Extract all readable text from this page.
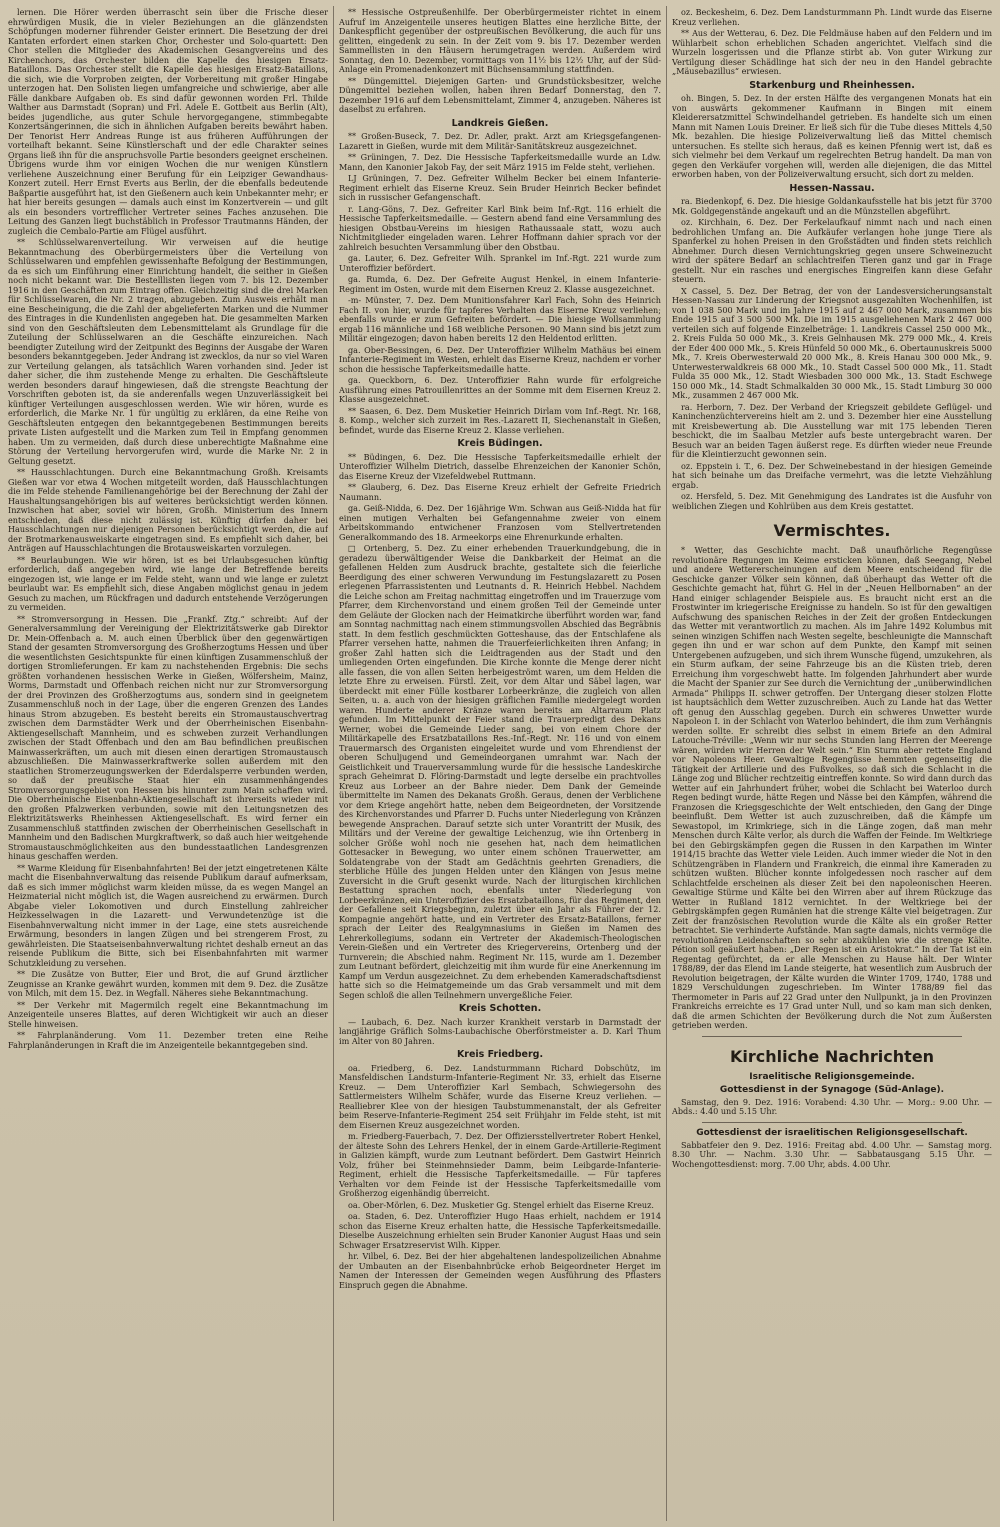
lernen. Die Hörer werden überrascht sein über die Frische dieser ehrwürdigen Musik, die in vieler Beziehungen an die glänzendsten Schöpfungen moderner führender Geister erinnert. Die Besetzung der drei Kantaten erfordert einen starken Chor, Orchester und Solo-quartett: Den Chor stellen die Mitglieder des Akademischen Gesangvereins und des Kirchenchors, das Orchester bilden die Kapelle des hiesigen Ersatz-Bataillons. Das Orchester stellt die Kapelle des hiesigen Ersatz-Bataillons, die sich, wie die Vorproben zeigten, der Vorbereitung mit großer Hingabe unterzogen hat. Den Solisten liegen umfangreiche und schwierige, aber alle Fälle dankbare Aufgaben ob. Es sind dafür gewonnen worden Frl. Thilde Walther aus Darmstadt (Sopran) und Frl. Adele E. Gottbeit aus Berlin (Alt), beides jugendliche, aus guter Schule hervorgegangene, stimmbegabte Konzertsängerinnen, die sich in ähnlichen Aufgaben bereits bewährt haben. Der Tenorist Herr Andreas Runge ist aus früheren Aufführungen der vorteilhaft bekannt. Seine Künstlerschaft und der edle Charakter seines Organs ließ ihn für die anspruchsvolle Partie besonders geeignet erscheinen. Übrigens wurde ihm vor einigen Wochen die nur wenigen Künstlern verliehene Auszeichnung einer Berufung für ein Leipziger Gewandhaus-Konzert zuteil. Herr Ernst Everts aus Berlin, der die ebenfalls bedeutende Baßpartie ausgeführt hat, ist den Gießenern auch kein Unbekannter mehr; er hat hier bereits gesungen — damals auch einst im Konzertverein — und gilt als ein besonders vortrefflicher Vertreter seines Faches anzusehen. Die Leitung des Ganzen liegt buchstäblich in Professor Trautmanns Händen, der zugleich die Cembalo-Partie am Flügel ausführt.

** Schlüsselwarenverteilung. Wir verweisen auf die heutige Bekanntmachung des Oberbürgermeisters über die Verteilung von Schlüsselwaren und empfehlen gewissenhafte Befolgung der Bestimmungen, da es sich um Einführung einer Einrichtung handelt, die seither in Gießen noch nicht bekannt war. Die Bestelllisten liegen vom 7. bis 12. Dezember 1916 in den Geschäften zum Eintrag offen. Gleichzeitig sind die drei Marken für Schlüsselwaren, die Nr. 2 tragen, abzugeben. Zum Ausweis erhält man eine Bescheinigung, die die Zahl der abgelieferten Marken und die Nummer des Eintrages in die Kundenlisten angegeben hat. Die gesammelten Marken sind von den Geschäftsleuten dem Lebensmittelamt als Grundlage für die Zuteilung der Schlüsselwaren an die Geschäfte einzureichen. Nach beendigter Zuteilung wird der Zeitpunkt des Beginns der Ausgabe der Waren besonders bekanntgegeben. Jeder Andrang ist zwecklos, da nur so viel Waren zur Verteilung gelangen, als tatsächlich Waren vorhanden sind. Jeder ist daher sicher, die ihm zustehende Menge zu erhalten. Die Geschäftsleute werden besonders darauf hingewiesen, daß die strengste Beachtung der Vorschriften geboten ist, da sie anderenfalls wegen Unzuverlässigkeit bei künftiger Verteilungen ausgeschlossen werden. Wie wir hören, wurde es erforderlich, die Marke Nr. 1 für ungültig zu erklären, da eine Reihe von Geschäftsleuten entgegen den bekanntgegebenen Bestimmungen bereits private Listen aufgestellt und die Marken zum Teil in Empfang genommen haben. Um zu vermeiden, daß durch diese unberechtigte Maßnahme eine Störung der Verteilung hervorgerufen wird, wurde die Marke Nr. 2 in Geltung gesetzt.

** Hausschlachtungen. Durch eine Bekanntmachung Großh. Kreisamts Gießen war vor etwa 4 Wochen mitgeteilt worden, daß Hausschlachtungen die im Felde stehende Familienangehörige bei der Berechnung der Zahl der Haushaltungsangehörigen bis auf weiteres berücksichtigt werden können. Inzwischen hat aber, soviel wir hören, Großh. Ministerium des Innern entschieden, daß diese nicht zulässig ist. Künftig dürfen daher bei Hausschlachtungen nur diejenigen Personen berücksichtigt werden, die auf der Brotmarkenausweiskarte eingetragen sind. Es empfiehlt sich daher, bei Anträgen auf Hausschlachtungen die Brotausweiskarten vorzulegen.

** Beurlaubungen. Wie wir hören, ist es bei Urlaubsgesuchen künftig erforderlich, daß angegeben wird, wie lange der Betreffende bereits eingezogen ist, wie lange er im Felde steht, wann und wie lange er zuletzt beurlaubt war. Es empfiehlt sich, diese Angaben möglichst genau in jedem Gesuch zu machen, um Rückfragen und dadurch entstehende Verzögerungen zu vermeiden.

** Stromversorgung in Hessen. Die „Frankf. Ztg.“ schreibt: Auf der Generalversammlung der Vereinigung der Elektrizitätswerke gab Direktor Dr. Mein-Offenbach a. M. auch einen Überblick über den gegenwärtigen Stand der gesamten Stromversorgung des Großherzogtums Hessen und über die wesentlichsten Gesichtspunkte für einen künftigen Zusammenschluß der dortigen Stromlieferungen. Er kam zu nachstehenden Ergebnis: Die sechs größten vorhandenen hessischen Werke in Gießen, Wölfersheim, Mainz, Worms, Darmstadt und Offenbach reichen nicht nur zur Stromversorgung der drei Provinzen des Großherzogtums aus, sondern sind in geeignetem Zusammenschluß noch in der Lage, über die engeren Grenzen des Landes hinaus Strom abzugeben. Es besteht bereits ein Stromaustauschvertrag zwischen dem Darmstädter Werk und der Oberrheinischen Eisenbahn-Aktiengesellschaft Mannheim, und es schweben zurzeit Verhandlungen zwischen der Stadt Offenbach und den am Bau befindlichen preußischen Mainwasserkräften, um auch mit diesen einen derartigen Stromaustausch abzuschließen. Die Mainwasserkraftwerke sollen außerdem mit den staatlichen Stromerzeugungswerken der Ederdalsperre verbunden werden, so daß der preußische Staat hier ein zusammenhängendes Stromversorgungsgebiet von Hessen bis hinunter zum Main schaffen wird. Die Oberrheinische Eisenbahn-Aktiengesellschaft ist ihrerseits wieder mit den großen Pfalzwerken verbunden, sowie mit den Leitungsnetzen des Elektrizitätswerks Rheinhessen Aktiengesellschaft. Es wird ferner ein Zusammenschluß stattfinden zwischen der Oberrheinischen Gesellschaft in Mannheim und den Badischen Murgkraftwerk, so daß auch hier weitgehende Stromaustauschmöglichkeiten aus den bundesstaatlichen Landesgrenzen hinaus geschaffen werden.

** Warme Kleidung für Eisenbahnfahrten! Bei der jetzt eingetretenen Kälte macht die Eisenbahnverwaltung das reisende Publikum darauf aufmerksam, daß es sich immer möglichst warm kleiden müsse, da es wegen Mangel an Heizmaterial nicht möglich ist, die Wagen ausreichend zu erwärmen. Durch Abgabe vieler Lokomotiven und durch Einstellung zahlreicher Heizkesselwagen in die Lazarett- und Verwundetenzüge ist die Eisenbahnverwaltung nicht immer in der Lage, eine stets ausreichende Erwärmung, besonders in langen Zügen und bei strengerem Frost, zu gewährleisten. Die Staatseisenbahnverwaltung richtet deshalb erneut an das reisende Publikum die Bitte, sich bei Eisenbahnfahrten mit warmer Schutzkleidung zu versehen.

** Die Zusätze von Butter, Eier und Brot, die auf Grund ärztlicher Zeugnisse an Kranke gewährt wurden, kommen mit dem 9. Dez. die Zusätze von Milch, mit dem 15. Dez. in Wegfall. Näheres siehe Bekanntmachung.

** Der Verkehr mit Magermilch regelt eine Bekanntmachung im Anzeigenteile unseres Blattes, auf deren Wichtigkeit wir auch an dieser Stelle hinweisen.

** Fahrplanänderung. Vom 11. Dezember treten eine Reihe Fahrplanänderungen in Kraft die im Anzeigenteile bekanntgegeben sind.

** Hessische Ostpreußenhilfe. Der Oberbürgermeister richtet in einem Aufruf im Anzeigenteile unseres heutigen Blattes eine herzliche Bitte, der Dankespflicht gegenüber der ostpreußischen Bevölkerung, die auch für uns gelitten, eingedenk zu sein. In der Zeit vom 9. bis 17. Dezember werden Sammellisten in den Häusern herumgetragen werden. Außerdem wird Sonntag, den 10. Dezember, vormittags von 11½ bis 12½ Uhr, auf der Süd-Anlage ein Promenadenkonzert mit Büchsensammlung stattfinden.

** Düngemittel. Diejenigen Garten- und Grundstücksbesitzer, welche Düngemittel beziehen wollen, haben ihren Bedarf Donnerstag, den 7. Dezember 1916 auf dem Lebensmittelamt, Zimmer 4, anzugeben. Näheres ist daselbst zu erfahren.

Landkreis Gießen.

** Großen-Buseck, 7. Dez. Dr. Adler, prakt. Arzt am Kriegsgefangenen-Lazarett in Gießen, wurde mit dem Militär-Sanitätskreuz ausgezeichnet.

** Grüningen, 7. Dez. Die Hessische Tapferkeitsmedaille wurde an Ldw. Mann, den Kanonier Jakob Fay, der seit März 1915 im Felde steht, verliehen.

LJ Grüningen, 7. Dez. Gefreiter Wilhelm Becker bei einem Infanterie-Regiment erhielt das Eiserne Kreuz. Sein Bruder Heinrich Becker befindet sich in russischer Gefangenschaft.

r. Lang-Göns, 7. Dez. Gefreiter Karl Bink beim Inf.-Rgt. 116 erhielt die Hessische Tapferkeitsmedaille. — Gestern abend fand eine Versammlung des hiesigen Obstbau-Vereins im hiesigen Rathaussaale statt, wozu auch Nichtmitglieder eingeladen waren. Lehrer Hoffmann dahier sprach vor der zahlreich besuchten Versammlung über den Obstbau.

ga. Lauter, 6. Dez. Gefreiter Wilh. Sprankel im Inf.-Rgt. 221 wurde zum Unteroffizier befördert.

ga. Rumda, 6. Dez. Der Gefreite August Henkel, in einem Infanterie-Regiment im Osten, wurde mit dem Eisernen Kreuz 2. Klasse ausgezeichnet.

-m- Münster, 7. Dez. Dem Munitionsfahrer Karl Fach, Sohn des Heinrich Fach II. von hier, wurde für tapferes Verhalten das Eiserne Kreuz verliehen; ebenfalls wurde er zum Gefreiten befördert. — Die hiesige Wollsammlung ergab 116 männliche und 168 weibliche Personen. 90 Mann sind bis jetzt zum Militär eingezogen; davon haben bereits 12 den Heldentod erlitten.

ga. Ober-Bessingen, 6. Dez. Der Unteroffizier Wilhelm Mathäus bei einem Infanterie-Regiment im Westen, erhielt das Eiserne Kreuz, nachdem er vorher schon die hessische Tapferkeitsmedaille hatte.

ga. Queckborn, 6. Dez. Unteroffizier Rahn wurde für erfolgreiche Ausführung eines Patrouillenrittes an der Somme mit dem Eisernen Kreuz 2. Klasse ausgezeichnet.

** Saasen, 6. Dez. Dem Musketier Heinrich Dirlam vom Inf.-Regt. Nr. 168, 8. Komp., welcher sich zurzeit im Res.-Lazarett II, Siechenanstalt in Gießen, befindet, wurde das Eiserne Kreuz 2. Klasse verliehen.

Kreis Büdingen.

** Büdingen, 6. Dez. Die Hessische Tapferkeitsmedaille erhielt der Unteroffizier Wilhelm Dietrich, dasselbe Ehrenzeichen der Kanonier Schön, das Eiserne Kreuz der Vizefeldwebel Ruttmann.

** Glauberg, 6. Dez. Das Eiserne Kreuz erhielt der Gefreite Friedrich Naumann.

ga. Geiß-Nidda, 6. Dez. Der 16jährige Wm. Schwan aus Geiß-Nidda hat für einen mutigen Verhalten bei Gefangennahme zweier von einem Arbeitskommando entwichener Franzosen vom Stellvertretenden Generalkommando des 18. Armeekorps eine Ehrenurkunde erhalten.

□ Ortenberg, 5. Dez. Zu einer erhebenden Trauerkundgebung, die in geradezu überwältigender Weise die Dankbarkeit der Heimat an die gefallenen Helden zum Ausdruck brachte, gestaltete sich die feierliche Beerdigung des einer schweren Verwundung im Festungslazarett zu Posen erlegenen Pfarrassistenten und Leutnants d. R. Heinrich Hebbel. Nachdem die Leiche schon am Freitag nachmittag eingetroffen und im Trauerzuge vom Pfarrer, dem Kirchenvorstand und einem großen Teil der Gemeinde unter dem Geläute der Glocken nach der Heimatkirche überführt worden war, fand am Sonntag nachmittag nach einem stimmungsvollen Abschied das Begräbnis statt. In dem festlich geschmückten Gotteshause, das der Entschlafene als Pfarrer versehen hatte, nahmen die Trauerfeierlichkeiten ihren Anfang; in großer Zahl hatten sich die Leidtragenden aus der Stadt und den umliegenden Orten eingefunden. Die Kirche konnte die Menge derer nicht alle fassen, die von allen Seiten herbeigeströmt waren, um dem Helden die letzte Ehre zu erweisen. Fürstl. Zeit, vor dem Altar und Säbel lagen, war überdeckt mit einer Fülle kostbarer Lorbeerkränze, die zugleich von allen Seiten, u. a. auch von der hiesigen gräflichen Familie niedergelegt worden waren. Hunderte anderer Kränze waren bereits am Altarraum Platz gefunden. Im Mittelpunkt der Feier stand die Trauerpredigt des Dekans Werner, wobei die Gemeinde Lieder sang, bei von einem Chore der Militärkapelle des Ersatzbataillons Res.-Inf.-Regt. Nr. 116 und von einem Trauermarsch des Organisten eingeleitet wurde und vom Ehrendienst der oberen Schuljugend und Gemeindeorganen umrahmt war. Nach der Geistlichkeit und Trauerversammlung wurde für die hessische Landeskirche sprach Geheimrat D. Flöring-Darmstadt und legte derselbe ein prachtvolles Kreuz aus Lorbeer an der Bahre nieder. Dem Dank der Gemeinde übermittelte im Namen des Dekanats Großh. Geraus, denen der Verblichene vor dem Kriege angehört hatte, neben dem Beigeordneten, der Vorsitzende des Kirchenvorstandes und Pfarrer D. Fuchs unter Niederlegung von Kränzen bewegende Ansprachen. Darauf setzte sich unter Vorantritt der Musik, des Militärs und der Vereine der gewaltige Leichenzug, wie ihn Ortenberg in solcher Größe wohl noch nie gesehen hat, nach dem heimatlichen Gottesacker in Bewegung, wo unter einem schönen Trauerwetter, am Soldatengrabe von der Stadt am Gedächtnis geehrten Grenadiers, die sterbliche Hülle des jungen Helden unter den Klängen von Jesus meine Zuversicht in die Gruft gesenkt wurde. Nach der liturgischen kirchlichen Bestattung sprachen noch, ebenfalls unter Niederlegung von Lorbeerkränzen, ein Unteroffizier des Ersatzbataillons, für das Regiment, den der Gefallene seit Kriegsbeginn, zuletzt über ein Jahr als Führer der 12. Kompagnie angehört hatte, und ein Vertreter des Ersatz-Bataillons, ferner sprach der Leiter des Realgymnasiums in Gießen im Namen des Lehrerkollegiums, sodann ein Vertreter der Akademisch-Theologischen Verein-Gießen und ein Vertreter des Kriegervereins, Ortenberg und der Turnverein; die Abschied nahm. Regiment Nr. 115, wurde am 1. Dezember zum Leutnant befördert, gleichzeitig mit ihm wurde für eine Anerkennung im Kampf um Verdun ausgezeichnet. Zu dem erhebenden Kameradschaftsdienst hatte sich so die Heimatgemeinde um das Grab versammelt und mit dem Segen schloß die allen Teilnehmern unvergeßliche Feier.

Kreis Schotten.

— Laubach, 6. Dez. Nach kurzer Krankheit verstarb in Darmstadt der langjährige Gräflich Solms-Laubachische Oberförstmeister a. D. Karl Thum im Alter von 80 Jahren.

Kreis Friedberg.

oa. Friedberg, 6. Dez. Landsturmmann Richard Dobschütz, im Mansfeldischen Landsturm-Infanterie-Regiment Nr. 33, erhielt das Eiserne Kreuz. — Dem Unteroffizier Karl Sembach, Schwiegersohn des Sattlermeisters Wilhelm Schäfer, wurde das Eiserne Kreuz verliehen. — Realliebrer Klee von der hiesigen Taubstummenanstalt, der als Gefreiter beim Reserve-Infanterie-Regiment 254 seit Frühjahr im Felde steht, ist mit dem Eisernen Kreuz ausgezeichnet worden.

m. Friedberg-Fauerbach, 7. Dez. Der Offiziersstellvertreter Robert Henkel, der älteste Sohn des Lehrers Henkel, der in einem Garde-Artillerie-Regiment in Galizien kämpft, wurde zum Leutnant befördert. Dem Gastwirt Heinrich Volz, früher bei Steinmehnsieder Damm, beim Leibgarde-Infanterie-Regiment, erhielt die Hessische Tapferkeitsmedaille. — Für tapferes Verhalten vor dem Feinde ist der Hessische Tapferkeitsmedaille vom Großherzog eigenhändig überreicht.

oa. Ober-Mörlen, 6. Dez. Musketier Gg. Stengel erhielt das Eiserne Kreuz.

oa. Staden, 6. Dez. Unteroffizier Hugo Haas erhielt, nachdem er 1914 schon das Eiserne Kreuz erhalten hatte, die Hessische Tapferkeitsmedaille. Dieselbe Auszeichnung erhielten sein Bruder Kanonier August Haas und sein Schwager Ersatzreservist Wilh. Kipper.

hr. Vilbel, 6. Dez. Bei der hier abgehaltenen landespolizeilichen Abnahme der Umbauten an der Eisenbahnbrücke erhob Beigeordneter Herget im Namen der Interessen der Gemeinden wegen Ausführung des Pflasters Einspruch gegen die Abnahme.

oz. Beckesheim, 6. Dez. Dem Landsturmmann Ph. Lindt wurde das Eiserne Kreuz verliehen.

** Aus der Wetterau, 6. Dez. Die Feldmäuse haben auf den Feldern und im Wühlarbeit schon erheblichen Schaden angerichtet. Vielfach sind die Wurzeln losgerissen und die Pflanze stirbt ab. Von guter Wirkung zur Vertilgung dieser Schädlinge hat sich der neu in den Handel gebrachte „Mäusebazillus“ erwiesen.

Starkenburg und Rheinhessen.

oh. Bingen, 5. Dez. In der ersten Hälfte des vergangenen Monats hat ein von auswärts gekommener Kaufmann in Bingen mit einem Kleiderersatzmittel Schwindelhandel getrieben. Es handelte sich um einen Mann mit Namen Louis Dreiner. Er ließ sich für die Tube dieses Mittels 4,50 Mk. bezahlen. Die hiesige Polizeiverwaltung ließ das Mittel chemisch untersuchen. Es stellte sich heraus, daß es keinen Pfennig wert ist, daß es sich vielmehr bei dem Verkauf um regelrechten Betrug handelt. Da man von gegen den Verkäufer vorgehen will, werden alle diejenigen, die das Mittel erworben haben, von der Polizeiverwaltung ersucht, sich dort zu melden.

Hessen-Nassau.

ra. Biedenkopf, 6. Dez. Die hiesige Goldankaufsstelle hat bis jetzt für 3700 Mk. Goldgegenstände angekauft und an die Münzstellen abgeführt.

oz. Kirchhain, 6. Dez. Der Ferkelaufkauf nimmt nach und nach einen bedrohlichen Umfang an. Die Aufkäufer verlangen hohe junge Tiere als Spanferkel zu hohen Preisen in den Großstädten und finden stets reichlich Abnehmer. Durch diesen Vernichtungskrieg gegen unsere Schweinezucht wird der spätere Bedarf an schlachtreifen Tieren ganz und gar in Frage gestellt. Nur ein rasches und energisches Eingreifen kann diese Gefahr steuern.

X Cassel, 5. Dez. Der Betrag, der von der Landesversicherungsanstalt Hessen-Nassau zur Linderung der Kriegsnot ausgezahlten Wochenhilfen, ist von 1 038 500 Mark und im Jahre 1915 auf 2 467 000 Mark, zusammen bis Ende 1915 auf 3 500 500 Mk. Die im 1915 ausgeliehenen Mark 2 467 000 verteilen sich auf folgende Einzelbeträge: 1. Landkreis Cassel 250 000 Mk., 2. Kreis Fulda 50 000 Mk., 3. Kreis Gelnhausen Mk. 279 000 Mk., 4. Kreis der Eder 400 000 Mk., 5. Kreis Hünfeld 50 000 Mk., 6. Obertaunuskreis 5000 Mk., 7. Kreis Oberwesterwald 20 000 Mk., 8. Kreis Hanau 300 000 Mk., 9. Unterwesterwaldkreis 68 000 Mk., 10. Stadt Cassel 500 000 Mk., 11. Stadt Fulda 35 000 Mk., 12. Stadt Wiesbaden 300 000 Mk., 13. Stadt Eschwege 150 000 Mk., 14. Stadt Schmalkalden 30 000 Mk., 15. Stadt Limburg 30 000 Mk., zusammen 2 467 000 Mk.

ra. Herborn, 7. Dez. Der Verband der Kriegszeit gebildete Geflügel- und Kaninchenzüchtervereins hielt am 2. und 3. Dezember hier eine Ausstellung mit Kreisbewertung ab. Die Ausstellung war mit 175 lebenden Tieren beschickt, die im Saalbau Metzler aufs beste untergebracht waren. Der Besuch war an beiden Tagen äußerst rege. Es dürften wieder neue Freunde für die Kleintierzucht gewonnen sein.

oz. Eppstein i. T., 6. Dez. Der Schweinebestand in der hiesigen Gemeinde hat sich beinahe um das Dreifache vermehrt, was die letzte Viehzählung ergab.

oz. Hersfeld, 5. Dez. Mit Genehmigung des Landrates ist die Ausfuhr von weiblichen Ziegen und Kohlrüben aus dem Kreis gestattet.

Vermischtes.

* Wetter, das Geschichte macht. Daß unaufhörliche Regengüsse revolutionäre Regungen im Keime ersticken können, daß Seegang, Nebel und andere Wettererscheinungen auf dem Meere entscheidend für die Geschicke ganzer Völker sein können, daß überhaupt das Wetter oft die Geschichte gemacht hat, führt G. Hel in der „Neuen Hellbornaben“ an der Hand einiger schlagender Beispiele aus. Es braucht nicht erst an die Frostwinter im kriegerische Ereignisse zu handeln. So ist für den gewaltigen Aufschwung des spanischen Reiches in der Zeit der großen Entdeckungen das Wetter mit verantwortlich zu machen. Als im Jahre 1492 Kolumbus mit seinen winzigen Schiffen nach Westen segelte, beschleunigte die Mannschaft gegen ihn und er war schon auf dem Punkte, den Kampf mit seinen Untergebenen aufzugeben, und sich ihrem Wunsche fügend, umzukehren, als ein Sturm aufkam, der seine Fahrzeuge bis an die Küsten trieb, deren Erreichung ihm vorgeschwebt hatte. Im folgenden Jahrhundert aber wurde die Macht der Spanier zur See durch die Vernichtung der „unüberwindlichen Armada“ Philipps II. schwer getroffen. Der Untergang dieser stolzen Flotte ist hauptsächlich dem Wetter zuzuschreiben. Auch zu Lande hat das Wetter oft genug den Ausschlag gegeben. Durch ein schweres Unwetter wurde Napoleon I. in der Schlacht von Waterloo behindert, die ihm zum Verhängnis werden sollte. Er schreibt dies selbst in einem Briefe an den Admiral Latouche-Tréville: „Wenn wir nur sechs Stunden lang Herren der Meerenge wären, würden wir Herren der Welt sein.“ Ein Sturm aber rettete England vor Napoleons Heer. Gewaltige Regengüsse hemmten gegenseitig die Tätigkeit der Artillerie und des Fußvolkes, so daß sich die Schlacht in die Länge zog und Blücher rechtzeitig eintreffen konnte. So wird dann durch das Wetter auf ein Jahrhundert früher, wobei die Schlacht bei Waterloo durch Regen bedingt wurde, hätte Regen und Nässe bei den Kämpfen, während die Franzosen die Kriegsgeschichte der Welt entschieden, den Gang der Dinge beeinflußt. Dem Wetter ist auch zuzuschreiben, daß die Kämpfe um Sewastopol, im Krimkriege, sich in die Länge zogen, daß man mehr Menschen durch Kälte verlor, als durch die Waffen der Feinde. Im Weltkriege bei den Gebirgskämpfen gegen die Russen in den Karpathen im Winter 1914/15 brachte das Wetter viele Leiden. Auch immer wieder die Not in den Schützengräben in Flandern und Frankreich, die einmal ihre Kameraden zu schützen wußten. Blücher konnte infolgedessen noch rascher auf dem Schlachtfelde erscheinen als dieser Zeit bei den napoleonischen Heeren. Gewaltige Stürme und Kälte bei den Wirren aber auf ihrem Rückzuge das Wetter in Rußland 1812 vernichtet. In der Weltkriege bei der Gebirgskämpfen gegen Rumänien hat die strenge Kälte viel beigetragen. Zur Zeit der französischen Revolution wurde die Kälte als ein großer Retter betrachtet. Sie verhinderte Aufstände. Man sagte damals, nichts vermöge die revolutionären Leidenschaften so sehr abzukühlen wie die strenge Kälte. Pétion soll geäußert haben: „Der Regen ist ein Aristokrat.“ In der Tat ist ein Regentag gefürchtet, da er alle Menschen zu Hause hält. Der Winter 1788/89, der das Elend im Lande steigerte, hat wesentlich zum Ausbruch der Revolution beigetragen, der Kälte wurden die Winter 1709, 1740, 1788 und 1829 Verschuldungen zugeschrieben. Im Winter 1788/89 fiel das Thermometer in Paris auf 22 Grad unter den Nullpunkt, ja in den Provinzen Frankreichs erreichte es 17 Grad unter Null, und so kam man sich denken, daß die armen Schichten der Bevölkerung durch die Not zum Äußersten getrieben werden.

Kirchliche Nachrichten
Israelitische Religionsgemeinde.
Gottesdienst in der Synagoge (Süd-Anlage).

Samstag, den 9. Dez. 1916: Vorabend: 4.30 Uhr. — Morg.: 9.00 Uhr. — Abds.: 4.40 und 5.15 Uhr.

Gottesdienst der israelitischen Religionsgesellschaft.

Sabbatfeier den 9. Dez. 1916: Freitag abd. 4.00 Uhr. — Samstag morg. 8.30 Uhr. — Nachm. 3.30 Uhr. — Sabbatausgang 5.15 Uhr. — Wochengottesdienst: morg. 7.00 Uhr, abds. 4.00 Uhr.
